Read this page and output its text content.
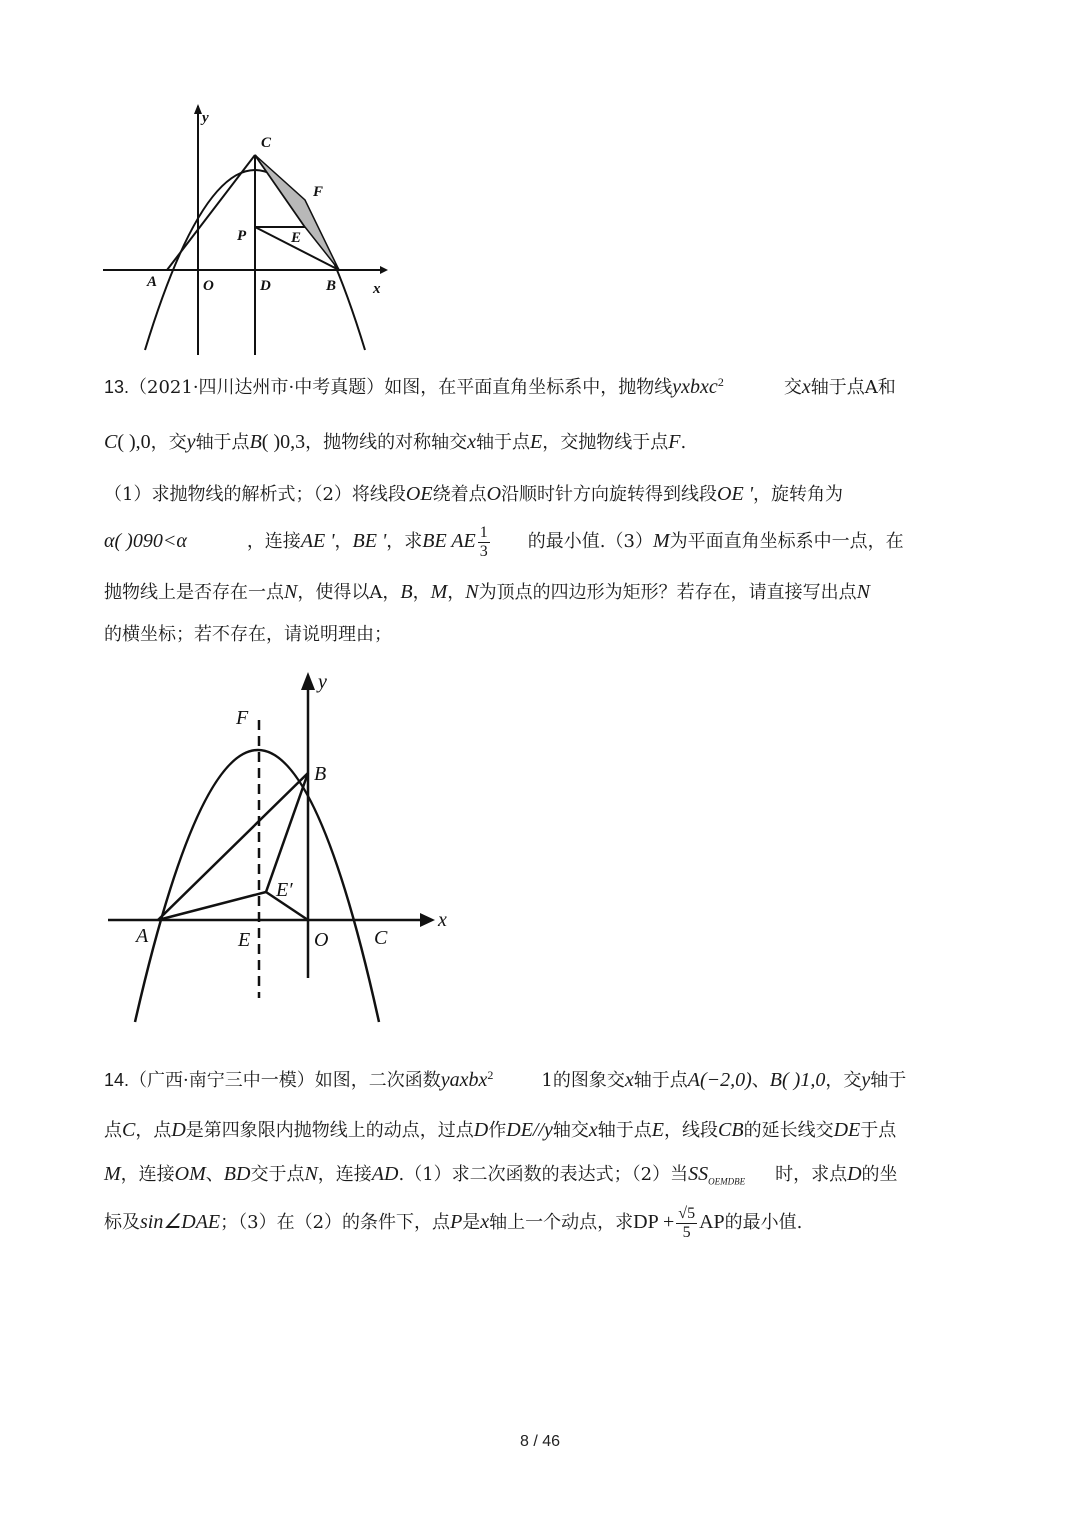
y
C
F
P	E
A	O	D	B x
13.（2021·四川达州市·中考真题）如图，在平面直角坐标系中，抛物线yxbxc$^2$	交x轴于点A和
C( ),0，交y轴于点B( )0,3，抛物线的对称轴交x轴于点E，交抛物线于点F.
（1）求抛物线的解析式；（2）将线段OE绕着点O沿顺时针方向旋转得到线段OE '，旋转角为
α( )090<α	，连接AE '，BE '，求BE AE $\frac{1}{3}$ 的最小值.（3）M为平面直角坐标系中一点，在
抛物线上是否存在一点N，使得以A，B，M，N为顶点的四边形为矩形？若存在，请直接写出点N
的横坐标；若不存在，请说明理由；
y
F
B
E′
A	E	O C
x
14.（广西·南宁三中一模）如图，二次函数yaxbx$^2$	1的图象交x轴于点A(−2,0)、B( )1,0，交y轴于
点C，点D是第四象限内抛物线上的动点，过点D作DE//y轴交x轴于点E，线段CB的延长线交DE于点
M，连接OM、BD交于点N，连接AD.（1）求二次函数的表达式；（2）当$SS_{OEMDBE}$ 时，求点D的坐
标及sin∠DAE；（3）在（2）的条件下，点P是x轴上一个动点，求DP + $\frac{√5}{5}$ AP的最小值.
8 / 46
